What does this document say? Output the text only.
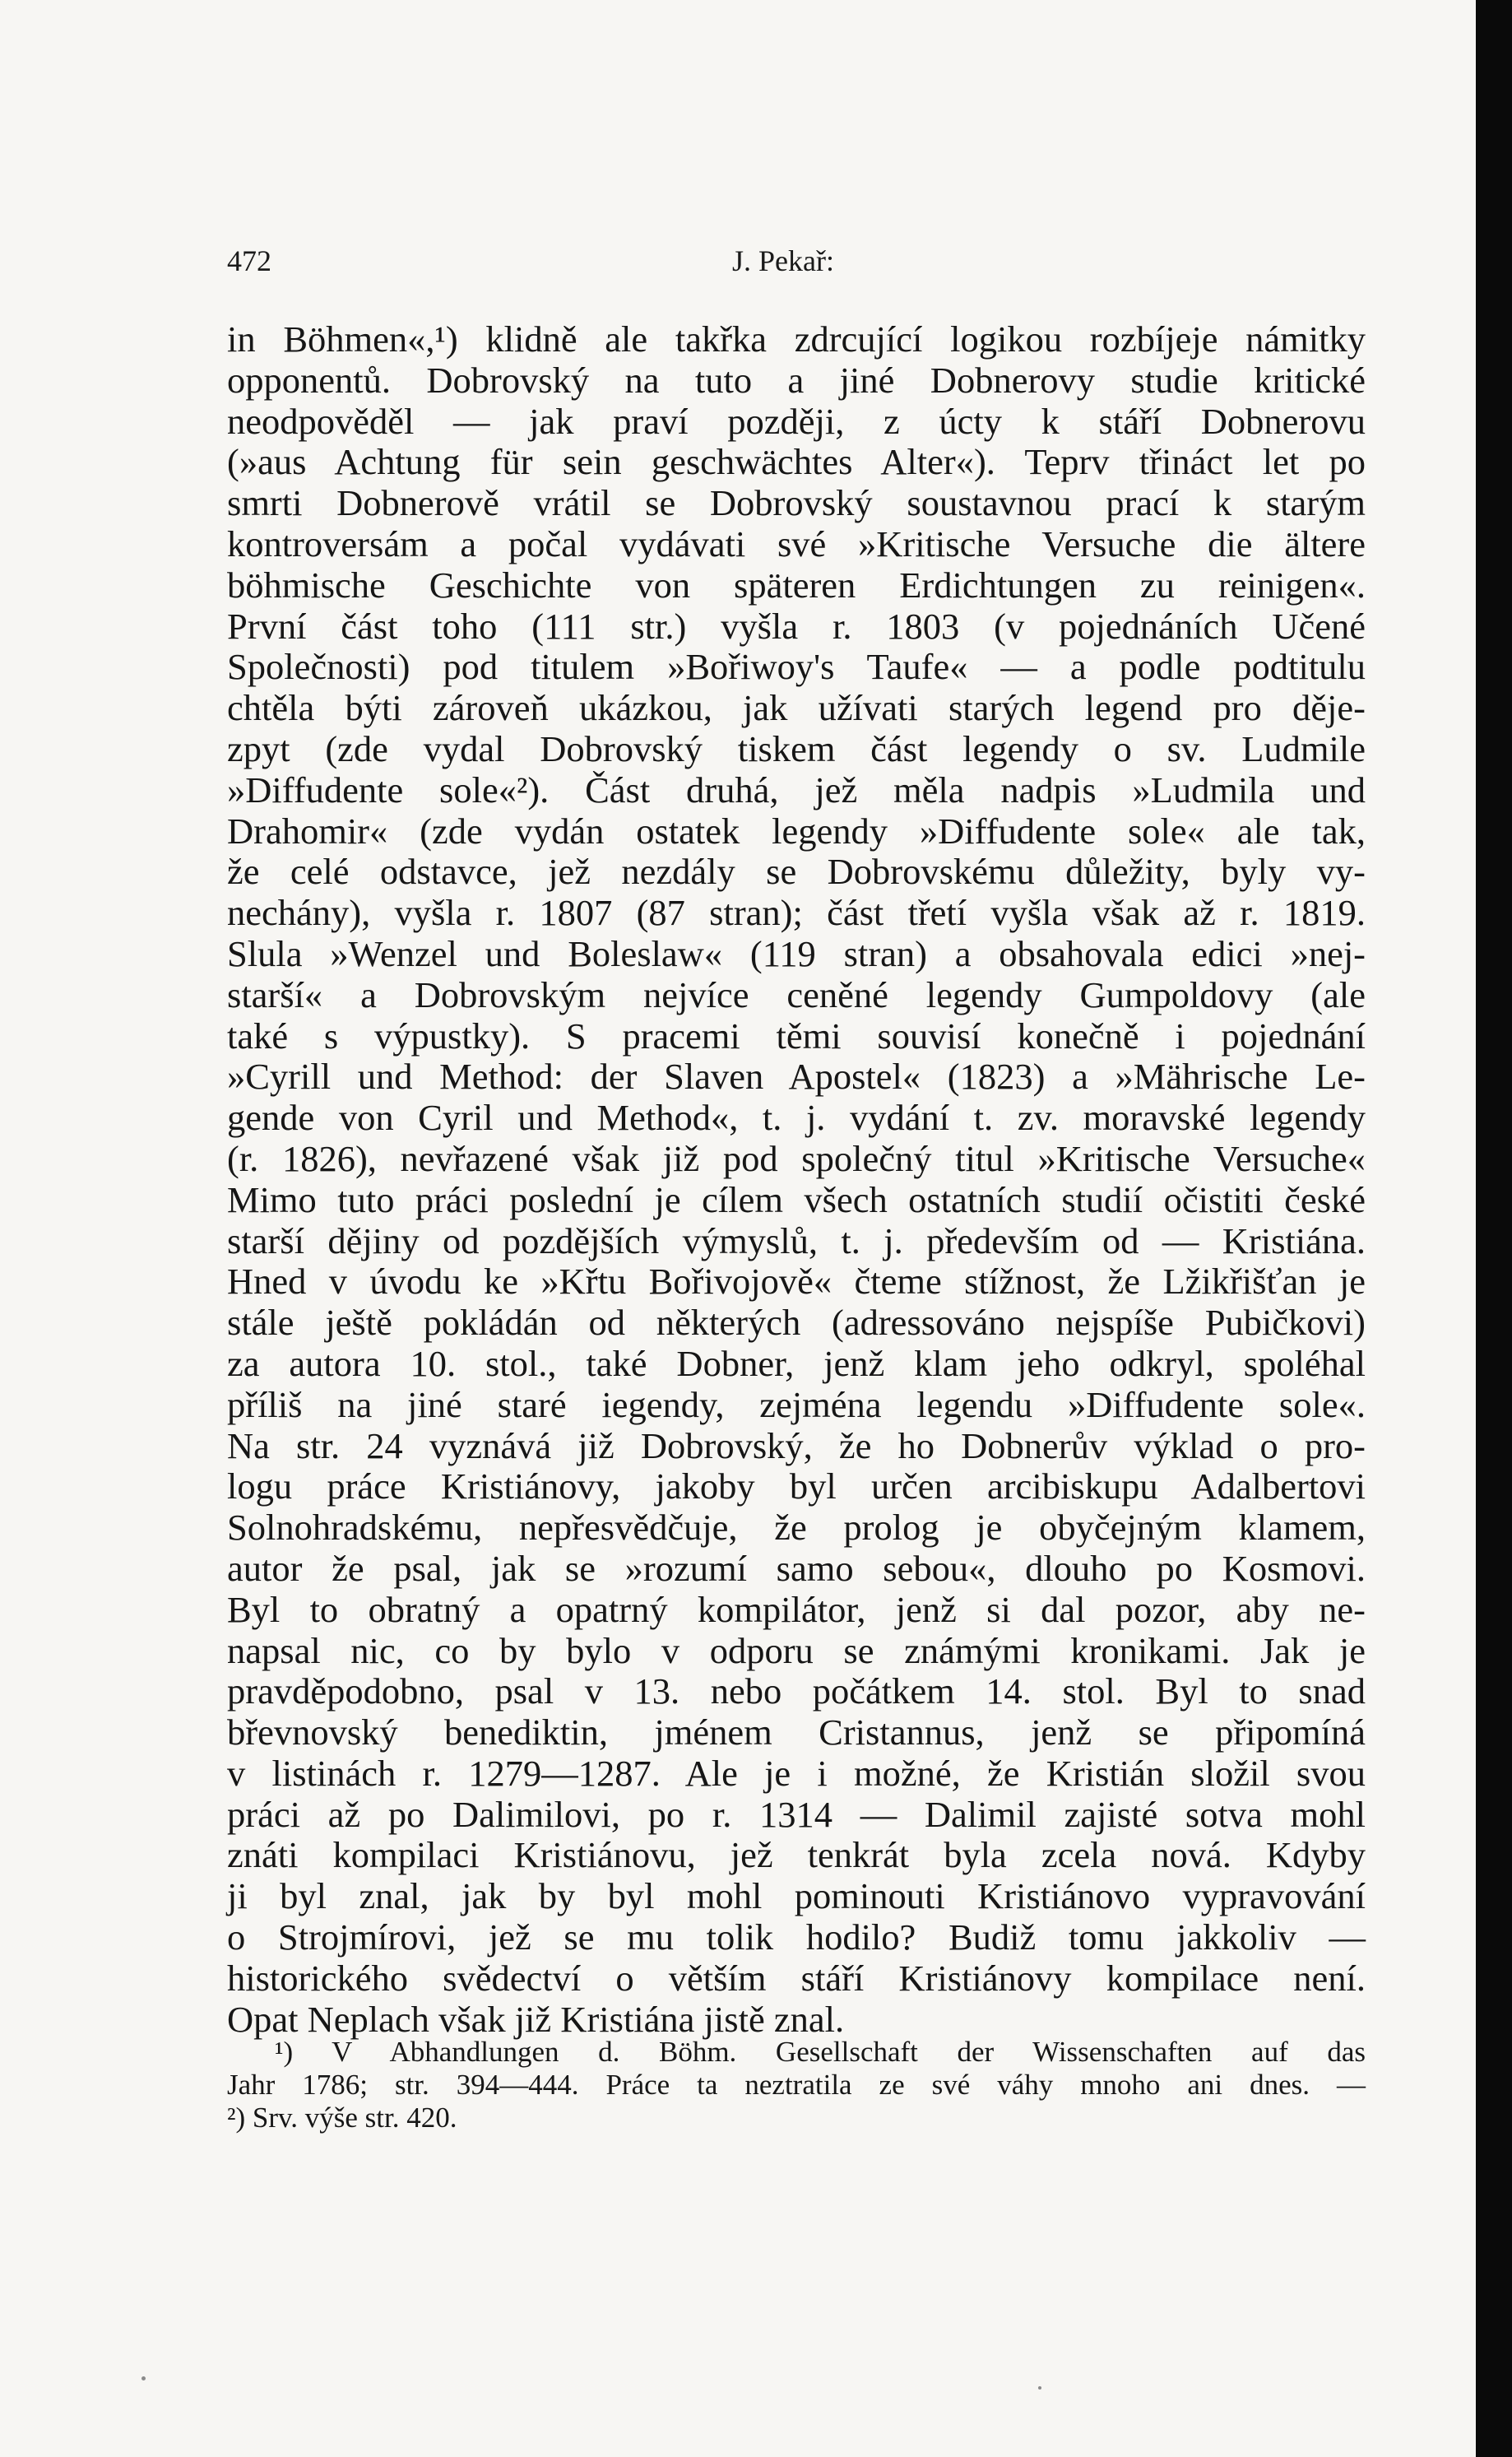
472	J. Pekař:
in Böhmen«,¹) klidně ale takřka zdrcující logikou rozbíjeje námitky
opponentů. Dobrovský na tuto a jiné Dobnerovy studie kritické
neodpověděl — jak praví později, z úcty k stáří Dobnerovu
(»aus Achtung für sein geschwächtes Alter«). Teprv třináct let po
smrti Dobnerově vrátil se Dobrovský soustavnou prací k starým
kontroversám a počal vydávati své »Kritische Versuche die ältere
böhmische Geschichte von späteren Erdichtungen zu reinigen«.
První část toho (111 str.) vyšla r. 1803 (v pojednáních Učené
Společnosti) pod titulem »Bořiwoy's Taufe« — a podle podtitulu
chtěla býti zároveň ukázkou, jak užívati starých legend pro děje-
zpyt (zde vydal Dobrovský tiskem část legendy o sv. Ludmile
»Diffudente sole«²). Část druhá, jež měla nadpis »Ludmila und
Drahomir« (zde vydán ostatek legendy »Diffudente sole« ale tak,
že celé odstavce, jež nezdály se Dobrovskému důležity, byly vy-
nechány), vyšla r. 1807 (87 stran); část třetí vyšla však až r. 1819.
Slula »Wenzel und Boleslaw« (119 stran) a obsahovala edici »nej-
starší« a Dobrovským nejvíce ceněné legendy Gumpoldovy (ale
také s výpustky). S pracemi těmi souvisí konečně i pojednání
»Cyrill und Method: der Slaven Apostel« (1823) a »Mährische Le-
gende von Cyril und Method«, t. j. vydání t. zv. moravské legendy
(r. 1826), nevřazené však již pod společný titul »Kritische Versuche«
Mimo tuto práci poslední je cílem všech ostatních studií očistiti české
starší dějiny od pozdějších výmyslů, t. j. především od — Kristiána.
Hned v úvodu ke »Křtu Bořivojově« čteme stížnost, že Lžikřišťan je
stále ještě pokládán od některých (adressováno nejspíše Pubičkovi)
za autora 10. stol., také Dobner, jenž klam jeho odkryl, spoléhal
příliš na jiné staré iegendy, zejména legendu »Diffudente sole«.
Na str. 24 vyznává již Dobrovský, že ho Dobnerův výklad o pro-
logu práce Kristiánovy, jakoby byl určen arcibiskupu Adalbertovi
Solnohradskému, nepřesvědčuje, že prolog je obyčejným klamem,
autor že psal, jak se »rozumí samo sebou«, dlouho po Kosmovi.
Byl to obratný a opatrný kompilátor, jenž si dal pozor, aby ne-
napsal nic, co by bylo v odporu se známými kronikami. Jak je
pravděpodobno, psal v 13. nebo počátkem 14. stol. Byl to snad
břevnovský benediktin, jménem Cristannus, jenž se připomíná
v listinách r. 1279—1287. Ale je i možné, že Kristián složil svou
práci až po Dalimilovi, po r. 1314 — Dalimil zajisté sotva mohl
znáti kompilaci Kristiánovu, jež tenkrát byla zcela nová. Kdyby
ji byl znal, jak by byl mohl pominouti Kristiánovo vypravování
o Strojmírovi, jež se mu tolik hodilo? Budiž tomu jakkoliv —
historického svědectví o větším stáří Kristiánovy kompilace není.
Opat Neplach však již Kristiána jistě znal.
¹) V Abhandlungen d. Böhm. Gesellschaft der Wissenschaften auf das
Jahr 1786; str. 394—444. Práce ta neztratila ze své váhy mnoho ani dnes. —
²) Srv. výše str. 420.
